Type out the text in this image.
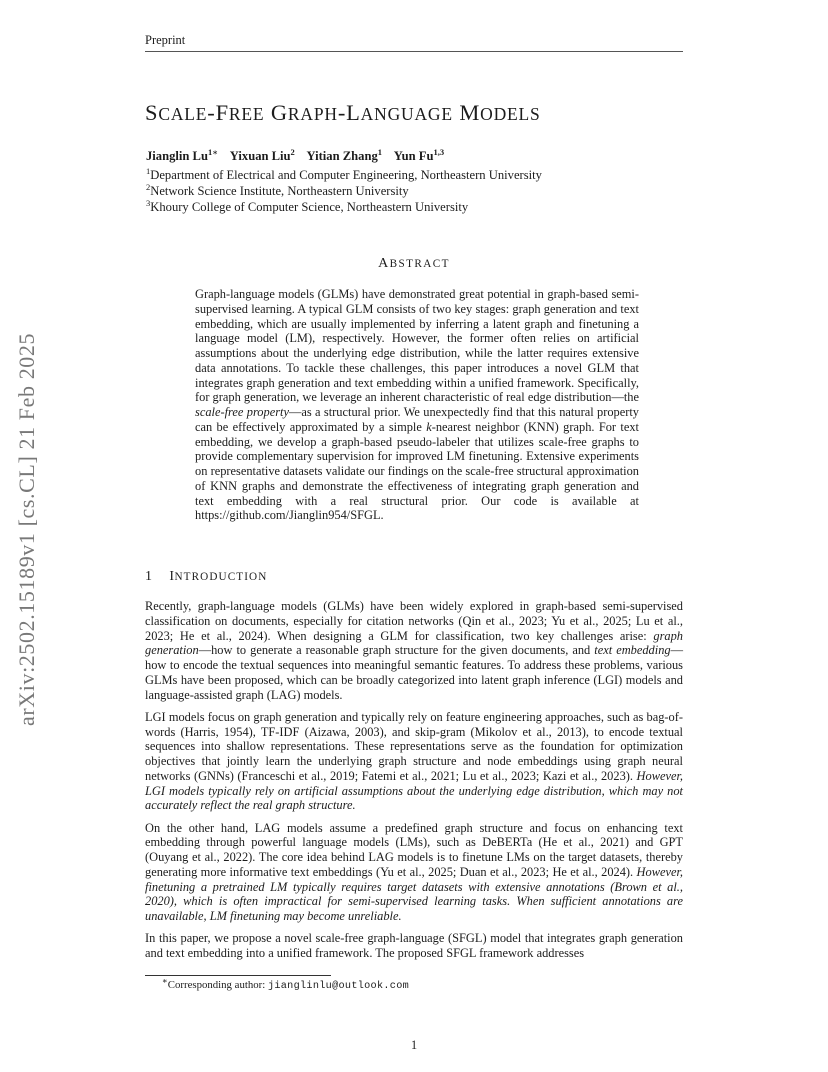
arXiv:2502.15189v1 [cs.CL] 21 Feb 2025
Preprint
SCALE-FREE GRAPH-LANGUAGE MODELS
Jianglin $Lu^{1∗}$ Yixuan Liu$^2$ Yitian Zhang$^1$ Yun Fu$^{1,3}$
$^1$Department of Electrical and Computer Engineering, Northeastern University
$^2$Network Science Institute, Northeastern University
$^3$Khoury College of Computer Science, Northeastern University
ABSTRACT
Graph-language models (GLMs) have demonstrated great potential in graph-based semi-supervised learning. A typical GLM consists of two key stages: graph generation and text embedding, which are usually implemented by inferring a latent graph and finetuning a language model (LM), respectively. However, the former often relies on artificial assumptions about the underlying edge distribution, while the latter requires extensive data annotations. To tackle these challenges, this paper introduces a novel GLM that integrates graph generation and text embedding within a unified framework. Specifically, for graph generation, we leverage an inherent characteristic of real edge distribution—the scale-free property—as a structural prior. We unexpectedly find that this natural property can be effectively approximated by a simple k-nearest neighbor (KNN) graph. For text embedding, we develop a graph-based pseudo-labeler that utilizes scale-free graphs to provide complementary supervision for improved LM finetuning. Extensive experiments on representative datasets validate our findings on the scale-free structural approximation of KNN graphs and demonstrate the effectiveness of integrating graph generation and text embedding with a real structural prior. Our code is available at https://github.com/Jianglin954/SFGL.
1 INTRODUCTION

Recently, graph-language models (GLMs) have been widely explored in graph-based semi-supervised classification on documents, especially for citation networks (Qin et al., 2023; Yu et al., 2025; Lu et al., 2023; He et al., 2024). When designing a GLM for classification, two key challenges arise: graph generation—how to generate a reasonable graph structure for the given documents, and text embedding—how to encode the textual sequences into meaningful semantic features. To address these problems, various GLMs have been proposed, which can be broadly categorized into latent graph inference (LGI) models and language-assisted graph (LAG) models.

LGI models focus on graph generation and typically rely on feature engineering approaches, such as bag-of-words (Harris, 1954), TF-IDF (Aizawa, 2003), and skip-gram (Mikolov et al., 2013), to encode textual sequences into shallow representations. These representations serve as the foundation for optimization objectives that jointly learn the underlying graph structure and node embeddings using graph neural networks (GNNs) (Franceschi et al., 2019; Fatemi et al., 2021; Lu et al., 2023; Kazi et al., 2023). However, LGI models typically rely on artificial assumptions about the underlying edge distribution, which may not accurately reflect the real graph structure.

On the other hand, LAG models assume a predefined graph structure and focus on enhancing text embedding through powerful language models (LMs), such as DeBERTa (He et al., 2021) and GPT (Ouyang et al., 2022). The core idea behind LAG models is to finetune LMs on the target datasets, thereby generating more informative text embeddings (Yu et al., 2025; Duan et al., 2023; He et al., 2024). However, finetuning a pretrained LM typically requires target datasets with extensive annotations (Brown et al., 2020), which is often impractical for semi-supervised learning tasks. When sufficient annotations are unavailable, LM finetuning may become unreliable.

In this paper, we propose a novel scale-free graph-language (SFGL) model that integrates graph generation and text embedding into a unified framework. The proposed SFGL framework addresses

∗Corresponding author: jianglinlu@outlook.com
1
